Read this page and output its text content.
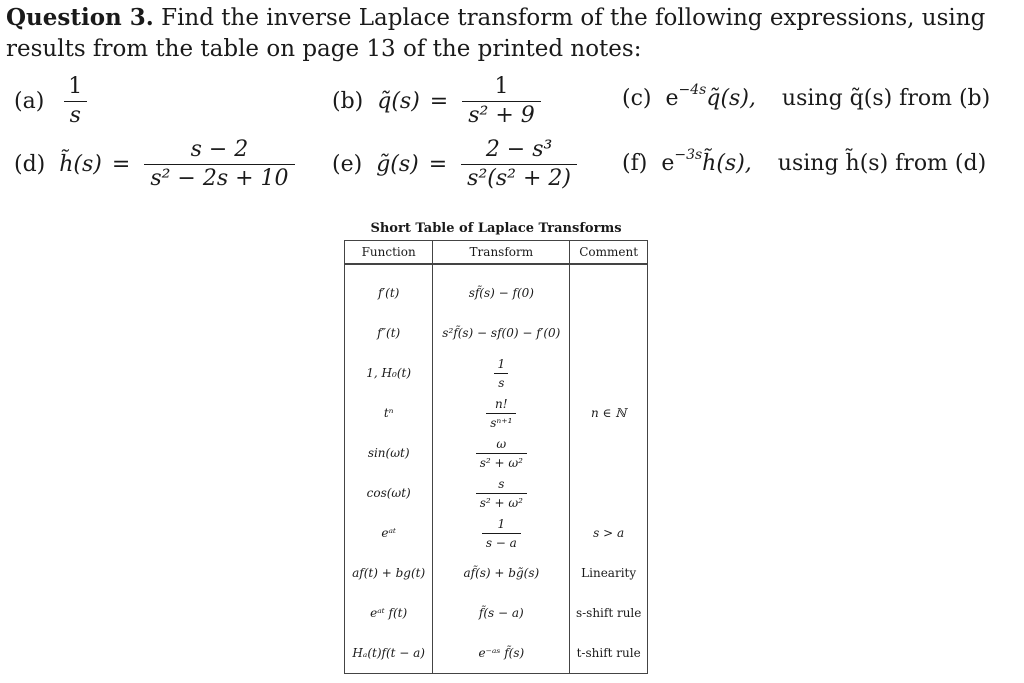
Question 3. Find the inverse Laplace transform of the following expressions, using results from the table on page 13 of the printed notes:
$(a) \frac{1}{s}$	(b) q̃(s) = $\frac{1}{\text{s² + 9}}$	(c) e −4s q̃(s), using q̃(s) from (b)
(d) h̃(s) = $\frac{s - 2}{\text{s² − 2s + 10}} (e)$ g̃(s) = $\frac{\text{2 − s³}}{\text{s²(s² + 2)}} (f)$ e −3s h̃(s), using h̃(s) from (d)
Short Table of Laplace Transforms
Function	Transform	Comment
f′(t)	sf̃(s) − f(0)	
f″(t)	s²f̃(s) − sf(0) − f′(0)	
1, H₀(t)	$\frac{1}{s}$

tⁿ	$\frac{n!}{\text{sⁿ⁺¹}}$	n ∈ ℕ
sin(ωt)	$\frac{\omega}{\text{s² + ω²}}$

cos(ωt)	$\frac{s}{\text{s² + ω²}}$

eᵃᵗ	$\frac{1}{s - a}$	s > a
af(t) + bg(t)	af̃(s) + bg̃(s)	Linearity
eᵃᵗ f(t)	f̃(s − a)	s-shift rule
Hₐ(t)f(t − a)	e⁻ᵃˢ f̃(s)	t-shift rule
